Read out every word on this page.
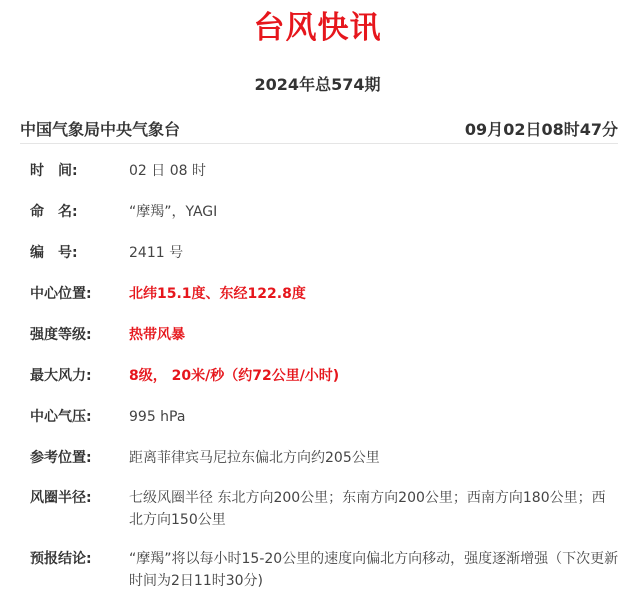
台风快讯
2024年总574期
中国气象局中央气象台	09月02日08时47分
时　间:	02 日 08 时
命　名:	“摩羯”，YAGI
编　号:	2411 号
中心位置:	北纬15.1度、东经122.8度
强度等级:	热带风暴
最大风力:	8级， 20米/秒（约72公里/小时)
中心气压:	995 hPa
参考位置:	距离菲律宾马尼拉东偏北方向约205公里
风圈半径:	七级风圈半径 东北方向200公里；东南方向200公里；西南方向180公里；西北方向150公里
预报结论:	“摩羯”将以每小时15-20公里的速度向偏北方向移动，强度逐渐增强（下次更新时间为2日11时30分)
